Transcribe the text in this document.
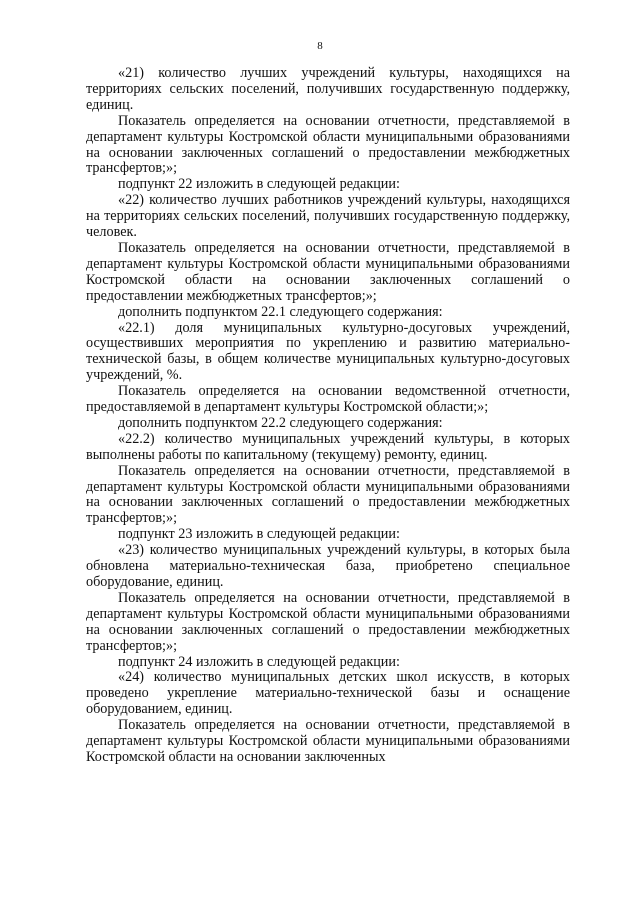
8

«21) количество лучших учреждений культуры, находящихся на территориях сельских поселений, получивших государственную поддержку, единиц.

Показатель определяется на основании отчетности, представляемой в департамент культуры Костромской области муниципальными образованиями на основании заключенных соглашений о предоставлении межбюджетных трансфертов;»;

подпункт 22 изложить в следующей редакции:

«22) количество лучших работников учреждений культуры, находящихся на территориях сельских поселений, получивших государственную поддержку, человек.

Показатель определяется на основании отчетности, представляемой в департамент культуры Костромской области муниципальными образованиями Костромской области на основании заключенных соглашений о предоставлении межбюджетных трансфертов;»;

дополнить подпунктом 22.1 следующего содержания:

«22.1) доля муниципальных культурно-досуговых учреждений, осуществивших мероприятия по укреплению и развитию материально-технической базы, в общем количестве муниципальных культурно-досуговых учреждений, %.

Показатель определяется на основании ведомственной отчетности, предоставляемой в департамент культуры Костромской области;»;

дополнить подпунктом 22.2 следующего содержания:

«22.2) количество муниципальных учреждений культуры, в которых выполнены работы по капитальному (текущему) ремонту, единиц.

Показатель определяется на основании отчетности, представляемой в департамент культуры Костромской области муниципальными образованиями на основании заключенных соглашений о предоставлении межбюджетных трансфертов;»;

подпункт 23 изложить в следующей редакции:

«23) количество муниципальных учреждений культуры, в которых была обновлена материально-техническая база, приобретено специальное оборудование, единиц.

Показатель определяется на основании отчетности, представляемой в департамент культуры Костромской области муниципальными образованиями на основании заключенных соглашений о предоставлении межбюджетных трансфертов;»;

подпункт 24 изложить в следующей редакции:

«24) количество муниципальных детских школ искусств, в которых проведено укрепление материально-технической базы и оснащение оборудованием, единиц.

Показатель определяется на основании отчетности, представляемой в департамент культуры Костромской области муниципальными образованиями Костромской области на основании заключенных
